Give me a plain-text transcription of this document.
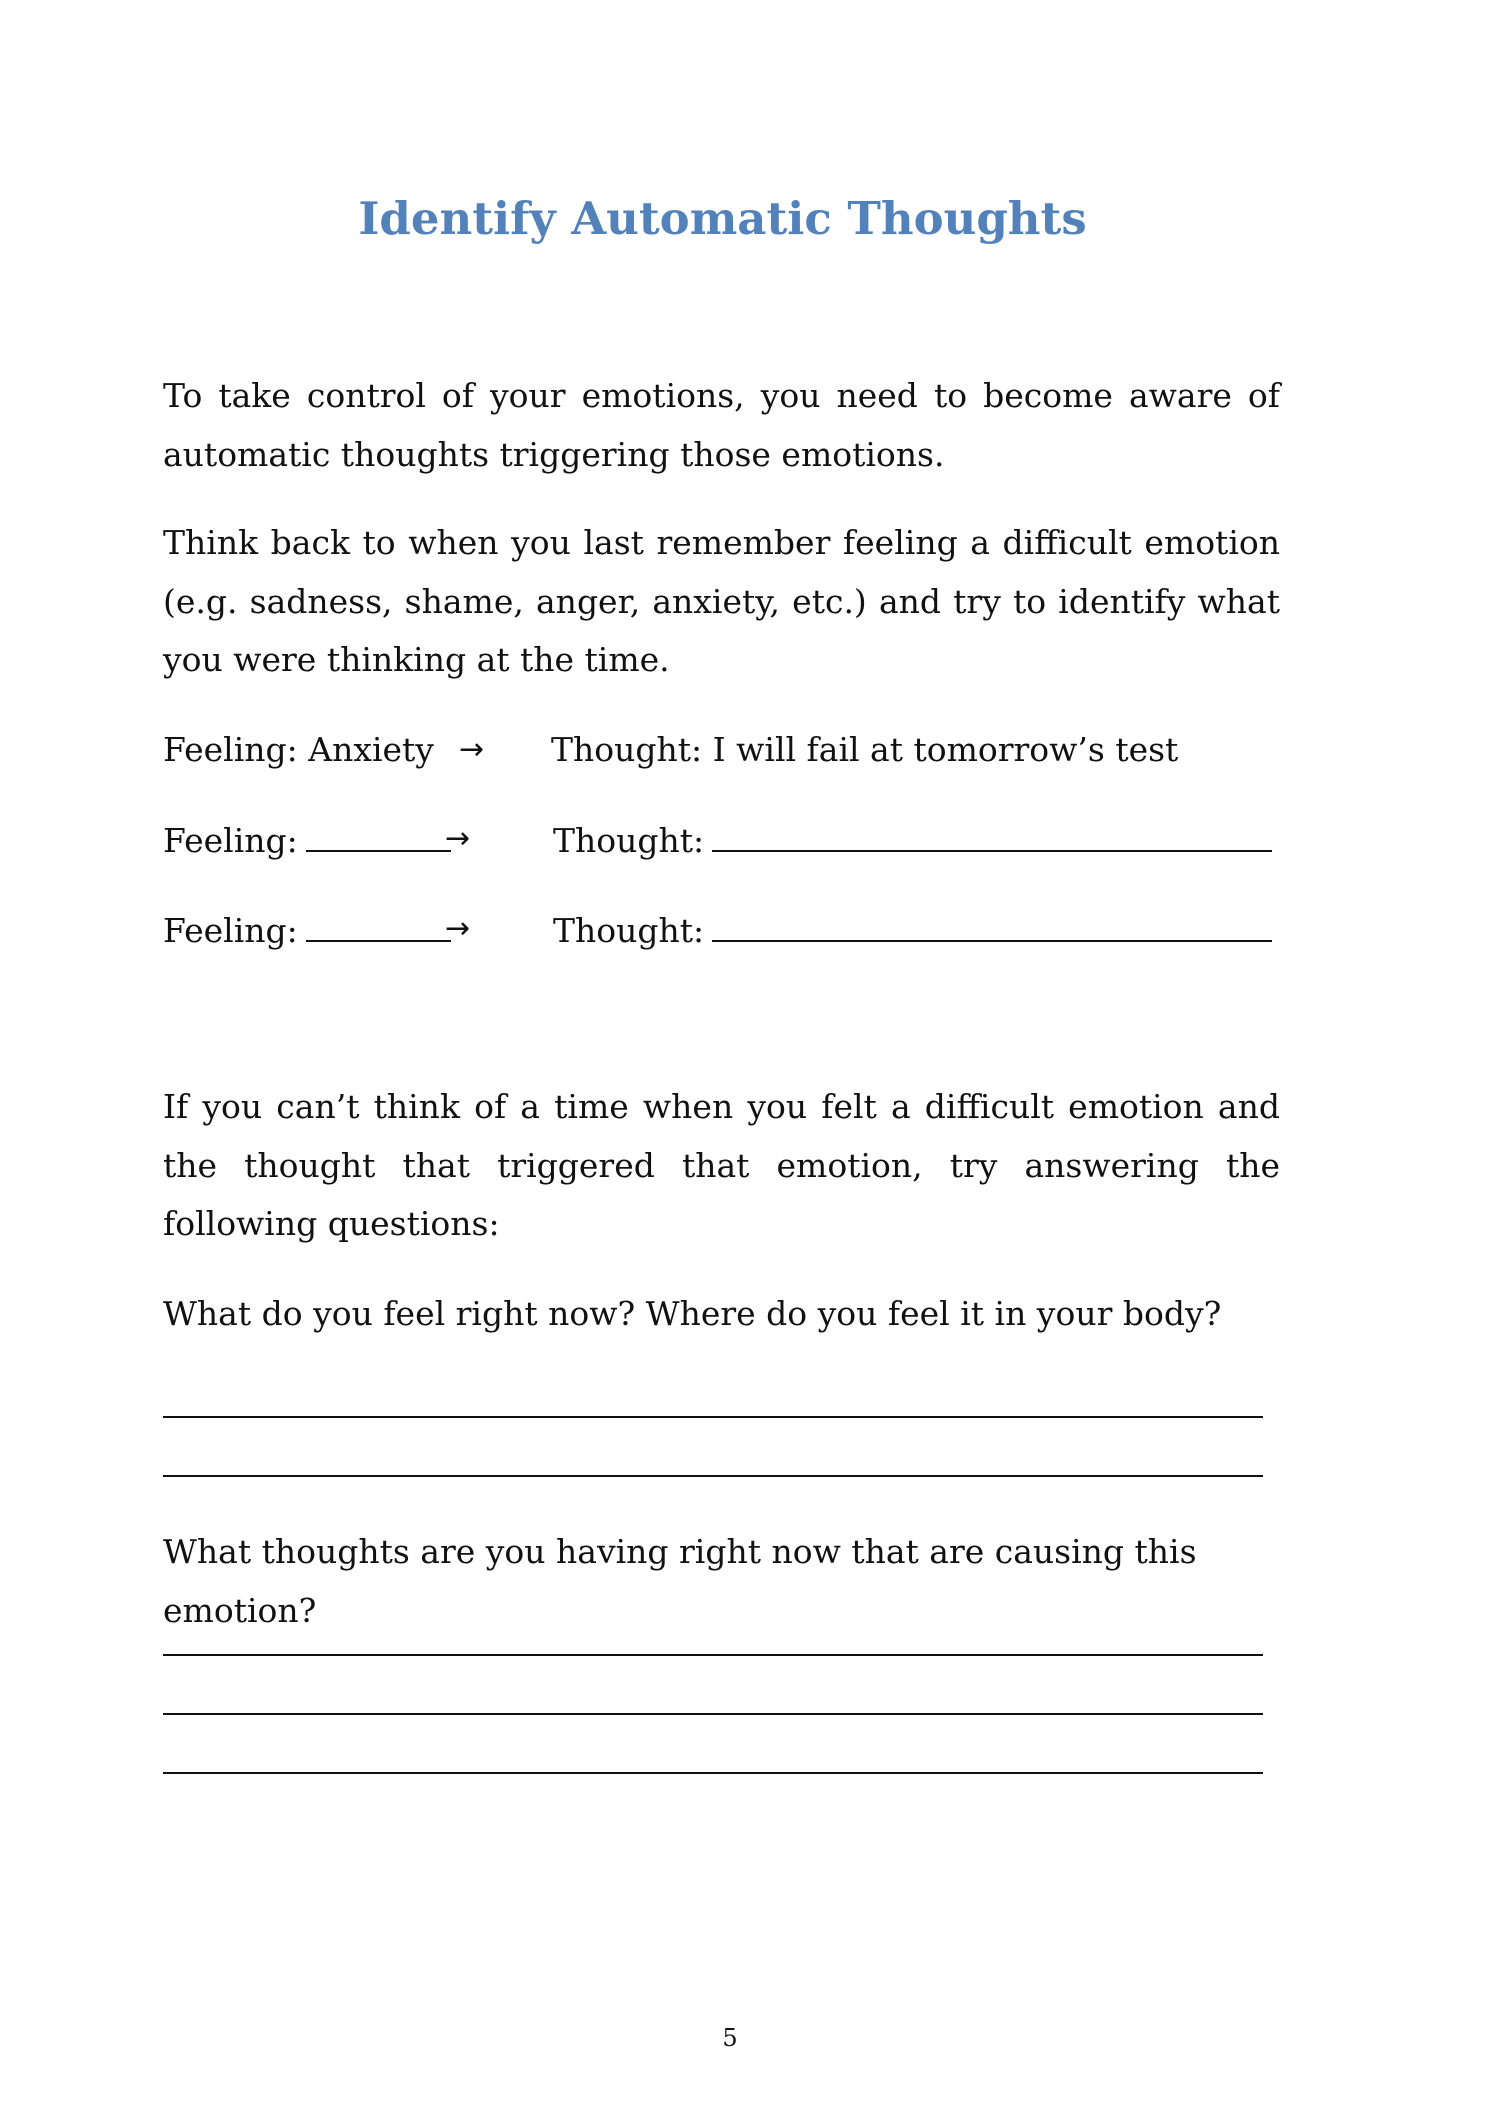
Identify Automatic Thoughts

To take control of your emotions, you need to become aware of automatic thoughts triggering those emotions.

Think back to when you last remember feeling a difficult emotion (e.g. sadness, shame, anger, anxiety, etc.) and try to identify what you were thinking at the time.

Feeling: Anxiety → Thought: I will fail at tomorrow’s test
Feeling:	→	Thought:
Feeling:	→	Thought:

If you can’t think of a time when you felt a difficult emotion and the thought that triggered that emotion, try answering the following questions:

What do you feel right now? Where do you feel it in your body?

What thoughts are you having right now that are causing this emotion?

5
